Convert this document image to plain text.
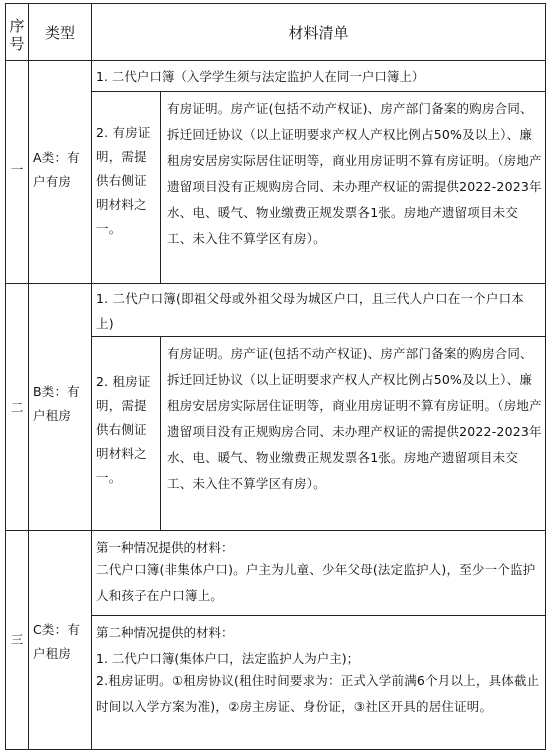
序号
类型	材料清单
一
A类：有户有房
1. 二代户口簿（入学学生须与法定监护人在同一户口簿上）
2. 有房证明，需提供右侧证明材料之一。
有房证明。房产证(包括不动产权证)、房产部门备案的购房合同、拆迁回迁协议（以上证明要求产权人产权比例占50%及以上）、廉租房安居房实际居住证明等，商业用房证明不算有房证明。（房地产遗留项目没有正规购房合同、未办理产权证的需提供2022-2023年水、电、暖气、物业缴费正规发票各1张。房地产遗留项目未交工、未入住不算学区有房）。
二
B类：有户租房
1. 二代户口簿(即祖父母或外祖父母为城区户口，且三代人户口在一个户口本上)
2. 租房证明，需提供右侧证明材料之一。
有房证明。房产证(包括不动产权证)、房产部门备案的购房合同、拆迁回迁协议（以上证明要求产权人产权比例占50%及以上）、廉租房安居房实际居住证明等，商业用房证明不算有房证明。（房地产遗留项目没有正规购房合同、未办理产权证的需提供2022-2023年水、电、暖气、物业缴费正规发票各1张。房地产遗留项目未交工、未入住不算学区有房）。
三
C类：有户租房
第一种情况提供的材料：
二代户口簿(非集体户口)。户主为儿童、少年父母(法定监护人)，至少一个监护人和孩子在户口簿上。
第二种情况提供的材料：
1. 二代户口簿(集体户口，法定监护人为户主)；
2.租房证明。①租房协议(租住时间要求为：正式入学前满6个月以上，具体截止时间以入学方案为准)，②房主房证、身份证，③社区开具的居住证明。
